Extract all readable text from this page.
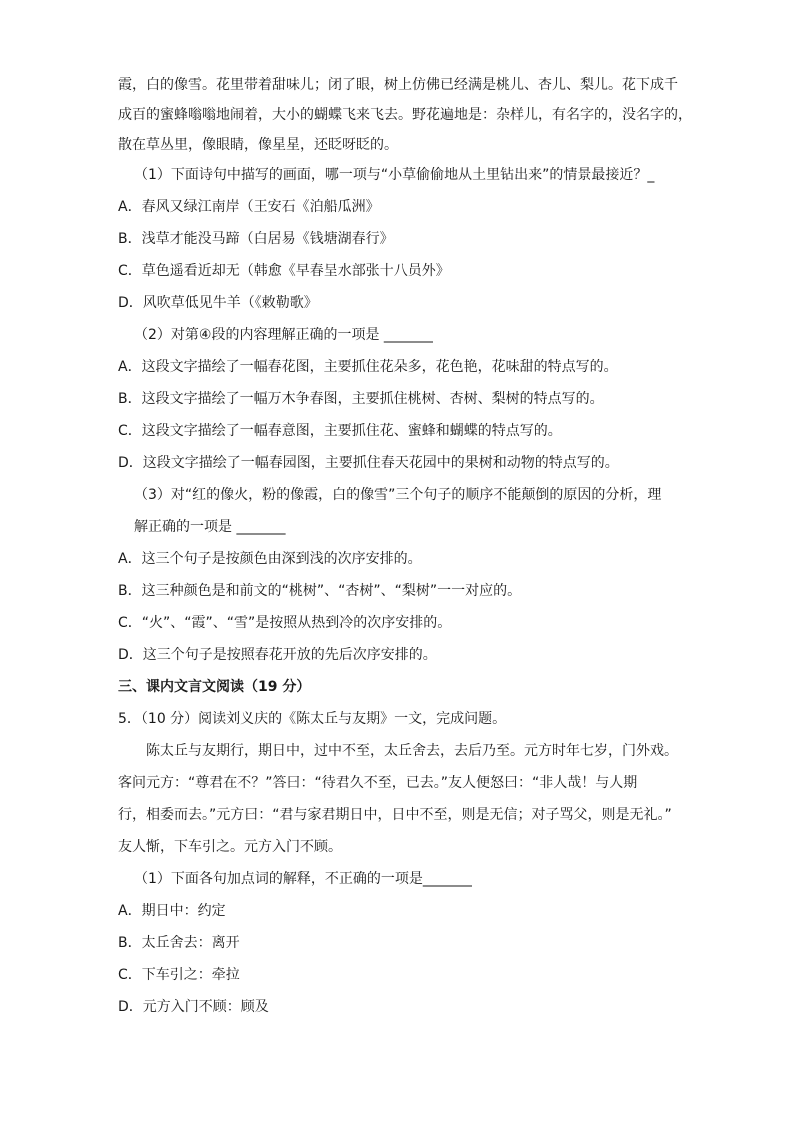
霞，白的像雪。花里带着甜味儿；闭了眼，树上仿佛已经满是桃儿、杏儿、梨儿。花下成千
成百的蜜蜂嗡嗡地闹着，大小的蝴蝶飞来飞去。野花遍地是：杂样儿，有名字的，没名字的，
散在草丛里，像眼睛，像星星，还眨呀眨的。
（1）下面诗句中描写的画面，哪一项与“小草偷偷地从土里钻出来”的情景最接近？_
A．春风又绿江南岸（王安石《泊船瓜洲》
B．浅草才能没马蹄（白居易《钱塘湖春行》
C．草色遥看近却无（韩愈《早春呈水部张十八员外》
D．风吹草低见牛羊（《敕勒歌》
（2）对第④段的内容理解正确的一项是 _______
A．这段文字描绘了一幅春花图，主要抓住花朵多，花色艳，花味甜的特点写的。
B．这段文字描绘了一幅万木争春图，主要抓住桃树、杏树、梨树的特点写的。
C．这段文字描绘了一幅春意图，主要抓住花、蜜蜂和蝴蝶的特点写的。
D．这段文字描绘了一幅春园图，主要抓住春天花园中的果树和动物的特点写的。
（3）对“红的像火，粉的像霞，白的像雪”三个句子的顺序不能颠倒的原因的分析，理
解正确的一项是 _______
A．这三个句子是按颜色由深到浅的次序安排的。
B．这三种颜色是和前文的“桃树”、“杏树”、“梨树”一一对应的。
C．“火”、“霞”、“雪”是按照从热到冷的次序安排的。
D．这三个句子是按照春花开放的先后次序安排的。
三、课内文言文阅读（19 分）
5．（10 分）阅读刘义庆的《陈太丘与友期》一文，完成问题。
陈太丘与友期行，期日中，过中不至，太丘舍去，去后乃至。元方时年七岁，门外戏。
客问元方：“尊君在不？”答曰：“待君久不至，已去。”友人便怒曰：“非人哉！与人期
行，相委而去。”元方曰：“君与家君期日中，日中不至，则是无信；对子骂父，则是无礼。”
友人惭，下车引之。元方入门不顾。
（1）下面各句加点词的解释，不正确的一项是_______
A．期日中：约定
B．太丘舍去：离开
C．下车引之：牵拉
D．元方入门不顾：顾及
